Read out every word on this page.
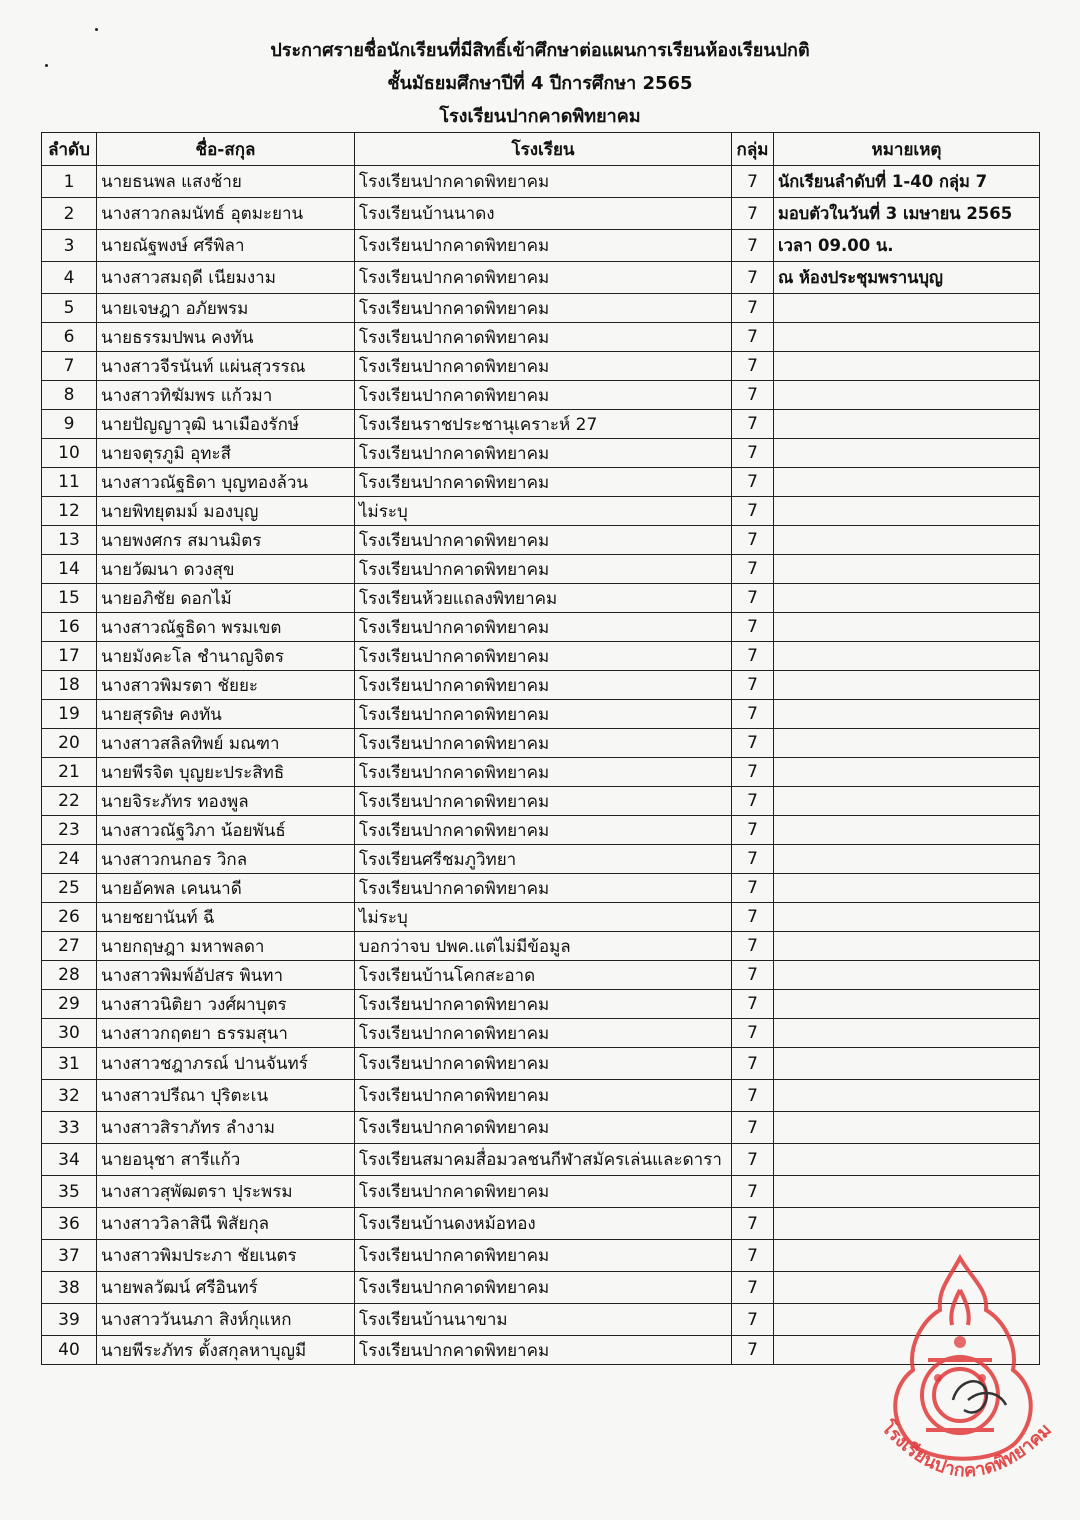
ประกาศรายชื่อนักเรียนที่มีสิทธิ์เข้าศึกษาต่อแผนการเรียนห้องเรียนปกติ
ชั้นมัธยมศึกษาปีที่ 4 ปีการศึกษา 2565
โรงเรียนปากคาดพิทยาคม
ลำดับ	ชื่อ-สกุล	โรงเรียน	กลุ่ม	หมายเหตุ
1	นายธนพล แสงช้าย	โรงเรียนปากคาดพิทยาคม	7	นักเรียนลำดับที่ 1-40 กลุ่ม 7
2	นางสาวกลมนัทธ์ อุตมะยาน	โรงเรียนบ้านนาดง	7	มอบตัวในวันที่ 3 เมษายน 2565
3	นายณัฐพงษ์ ศรีพิลา	โรงเรียนปากคาดพิทยาคม	7	เวลา 09.00 น.
4	นางสาวสมฤดี เนียมงาม	โรงเรียนปากคาดพิทยาคม	7	ณ ห้องประชุมพรานบุญ
5	นายเจษฎา อภัยพรม	โรงเรียนปากคาดพิทยาคม	7	
6	นายธรรมปพน คงทัน	โรงเรียนปากคาดพิทยาคม	7	
7	นางสาวจีรนันท์ แผ่นสุวรรณ	โรงเรียนปากคาดพิทยาคม	7	
8	นางสาวทิฆัมพร แก้วมา	โรงเรียนปากคาดพิทยาคม	7	
9	นายปัญญาวุฒิ นาเมืองรักษ์	โรงเรียนราชประชานุเคราะห์ 27	7	
10	นายจตุรภูมิ อุทะสี	โรงเรียนปากคาดพิทยาคม	7	
11	นางสาวณัฐธิดา บุญทองล้วน	โรงเรียนปากคาดพิทยาคม	7	
12	นายพิทยุตมม์ มองบุญ	ไม่ระบุ	7	
13	นายพงศกร สมานมิตร	โรงเรียนปากคาดพิทยาคม	7	
14	นายวัฒนา ดวงสุข	โรงเรียนปากคาดพิทยาคม	7	
15	นายอภิชัย ดอกไม้	โรงเรียนห้วยแถลงพิทยาคม	7	
16	นางสาวณัฐธิดา พรมเขต	โรงเรียนปากคาดพิทยาคม	7	
17	นายมังคะโล ชำนาญจิตร	โรงเรียนปากคาดพิทยาคม	7	
18	นางสาวพิมรตา ชัยยะ	โรงเรียนปากคาดพิทยาคม	7	
19	นายสุรดิษ คงทัน	โรงเรียนปากคาดพิทยาคม	7	
20	นางสาวสลิลทิพย์ มณฑา	โรงเรียนปากคาดพิทยาคม	7	
21	นายพีรจิต บุญยะประสิทธิ	โรงเรียนปากคาดพิทยาคม	7	
22	นายจิระภัทร ทองพูล	โรงเรียนปากคาดพิทยาคม	7	
23	นางสาวณัฐวิภา น้อยพันธ์	โรงเรียนปากคาดพิทยาคม	7	
24	นางสาวกนกอร วิกล	โรงเรียนศรีชมภูวิทยา	7	
25	นายอัคพล เคนนาดี	โรงเรียนปากคาดพิทยาคม	7	
26	นายชยานันท์ ฉี	ไม่ระบุ	7	
27	นายกฤษฎา มหาพลดา	บอกว่าจบ ปพค.แต่ไม่มีข้อมูล	7	
28	นางสาวพิมพ์อัปสร พินทา	โรงเรียนบ้านโคกสะอาด	7	
29	นางสาวนิติยา วงศ์ผาบุตร	โรงเรียนปากคาดพิทยาคม	7	
30	นางสาวกฤตยา ธรรมสุนา	โรงเรียนปากคาดพิทยาคม	7	
31	นางสาวชฎาภรณ์ ปานจันทร์	โรงเรียนปากคาดพิทยาคม	7	
32	นางสาวปรีณา ปุริตะเน	โรงเรียนปากคาดพิทยาคม	7	
33	นางสาวสิราภัทร ลำงาม	โรงเรียนปากคาดพิทยาคม	7	
34	นายอนุชา สารีแก้ว	โรงเรียนสมาคมสื่อมวลชนกีฬาสมัครเล่นและดารา	7	
35	นางสาวสุพัฒตรา ปุระพรม	โรงเรียนปากคาดพิทยาคม	7	
36	นางสาววิลาสินี พิสัยกุล	โรงเรียนบ้านดงหม้อทอง	7	
37	นางสาวพิมประภา ชัยเนตร	โรงเรียนปากคาดพิทยาคม	7	
38	นายพลวัฒน์ ศรีอินทร์	โรงเรียนปากคาดพิทยาคม	7	
39	นางสาววันนภา สิงห์กุแหก	โรงเรียนบ้านนาขาม	7	
40	นายพีระภัทร ตั้งสกุลหาบุญมี	โรงเรียนปากคาดพิทยาคม	7	
โรงเรียนปากคาดพิทยาคม
